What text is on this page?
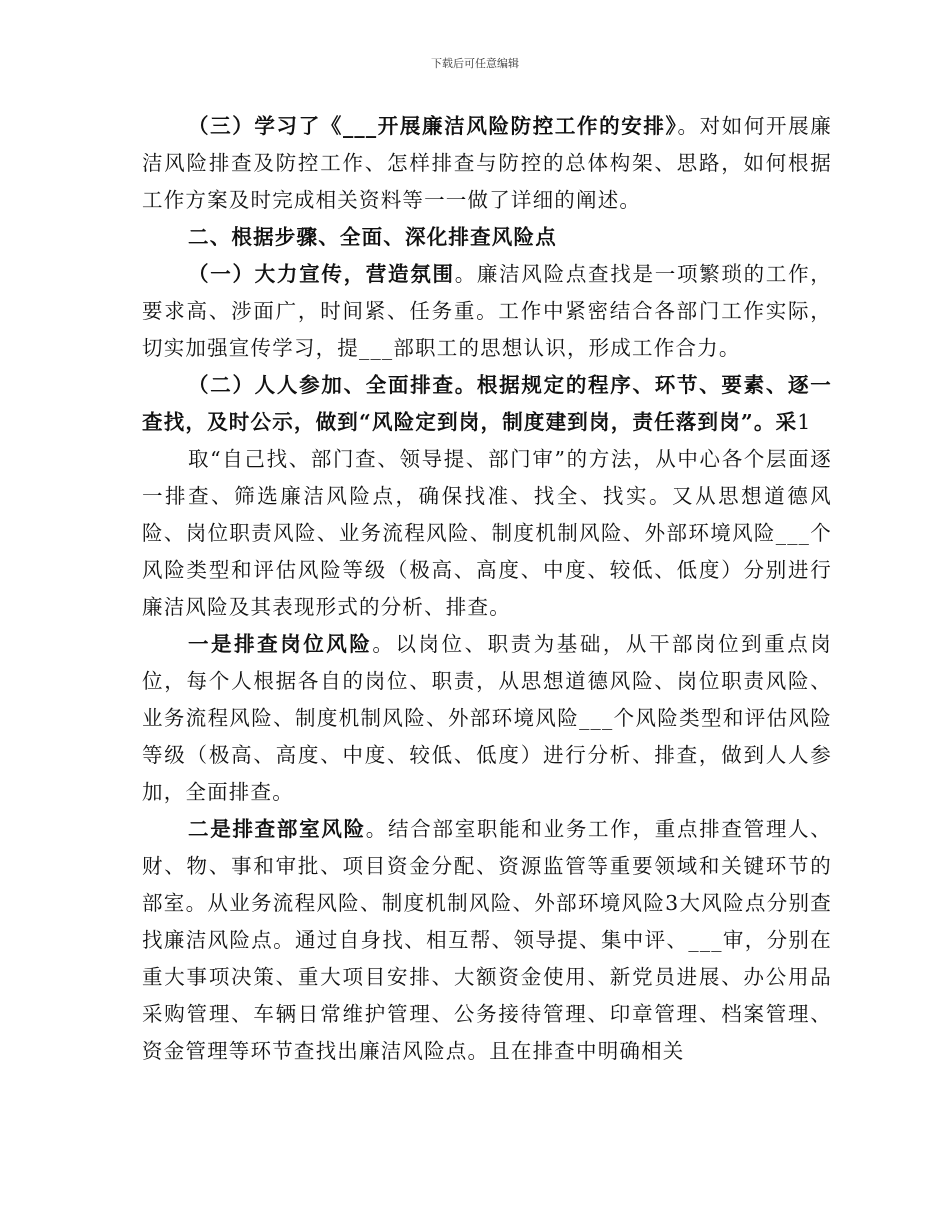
下载后可任意编辑

（三）学习了《___开展廉洁风险防控工作的安排》。对如何开展廉洁风险排查及防控工作、怎样排查与防控的总体构架、思路，如何根据工作方案及时完成相关资料等一一做了详细的阐述。

二、根据步骤、全面、深化排查风险点

（一）大力宣传，营造氛围。廉洁风险点查找是一项繁琐的工作，要求高、涉面广，时间紧、任务重。工作中紧密结合各部门工作实际，切实加强宣传学习，提___部职工的思想认识，形成工作合力。

（二）人人参加、全面排查。根据规定的程序、环节、要素、逐一查找，及时公示，做到“风险定到岗，制度建到岗，责任落到岗”。采1

取“自己找、部门查、领导提、部门审”的方法，从中心各个层面逐一排查、筛选廉洁风险点，确保找准、找全、找实。又从思想道德风险、岗位职责风险、业务流程风险、制度机制风险、外部环境风险___个风险类型和评估风险等级（极高、高度、中度、较低、低度）分别进行廉洁风险及其表现形式的分析、排查。

一是排查岗位风险。以岗位、职责为基础，从干部岗位到重点岗位，每个人根据各自的岗位、职责，从思想道德风险、岗位职责风险、业务流程风险、制度机制风险、外部环境风险___个风险类型和评估风险等级（极高、高度、中度、较低、低度）进行分析、排查，做到人人参加，全面排查。

二是排查部室风险。结合部室职能和业务工作，重点排查管理人、财、物、事和审批、项目资金分配、资源监管等重要领域和关键环节的部室。从业务流程风险、制度机制风险、外部环境风险3大风险点分别查找廉洁风险点。通过自身找、相互帮、领导提、集中评、___审，分别在重大事项决策、重大项目安排、大额资金使用、新党员进展、办公用品采购管理、车辆日常维护管理、公务接待管理、印章管理、档案管理、资金管理等环节查找出廉洁风险点。且在排查中明确相关
